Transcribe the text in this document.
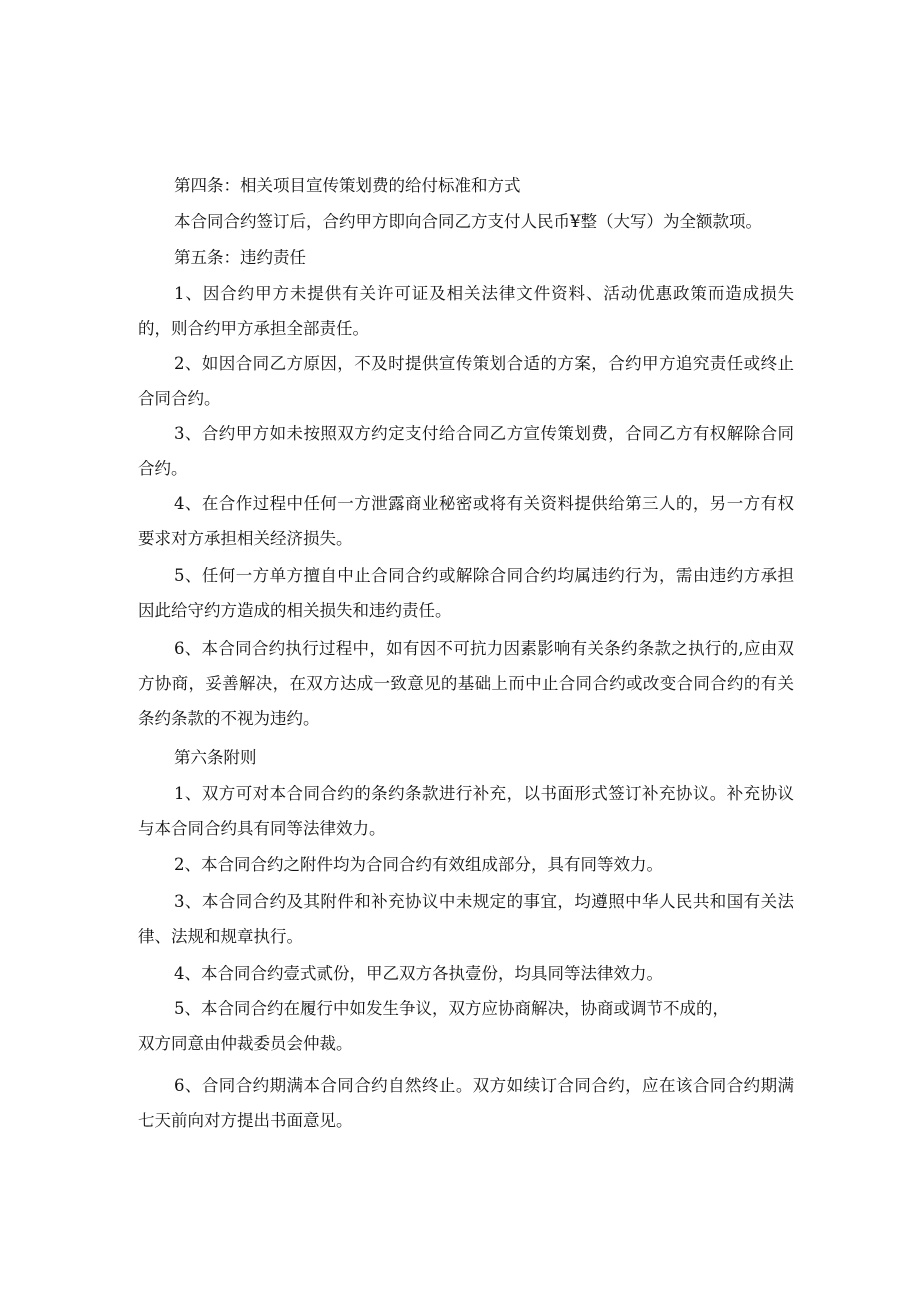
第四条：相关项目宣传策划费的给付标准和方式

本合同合约签订后，合约甲方即向合同乙方支付人民币¥整（大写）为全额款项。

第五条：违约责任

1、因合约甲方未提供有关许可证及相关法律文件资料、活动优惠政策而造成损失的，则合约甲方承担全部责任。

2、如因合同乙方原因，不及时提供宣传策划合适的方案，合约甲方追究责任或终止合同合约。

3、合约甲方如未按照双方约定支付给合同乙方宣传策划费，合同乙方有权解除合同合约。

4、在合作过程中任何一方泄露商业秘密或将有关资料提供给第三人的，另一方有权要求对方承担相关经济损失。

5、任何一方单方擅自中止合同合约或解除合同合约均属违约行为，需由违约方承担因此给守约方造成的相关损失和违约责任。

6、本合同合约执行过程中，如有因不可抗力因素影响有关条约条款之执行的,应由双方协商，妥善解决，在双方达成一致意见的基础上而中止合同合约或改变合同合约的有关条约条款的不视为违约。

第六条附则

1、双方可对本合同合约的条约条款进行补充，以书面形式签订补充协议。补充协议与本合同合约具有同等法律效力。

2、本合同合约之附件均为合同合约有效组成部分，具有同等效力。

3、本合同合约及其附件和补充协议中未规定的事宜，均遵照中华人民共和国有关法律、法规和规章执行。

4、本合同合约壹式贰份，甲乙双方各执壹份，均具同等法律效力。

5、本合同合约在履行中如发生争议，双方应协商解决，协商或调节不成的，

双方同意由仲裁委员会仲裁。

6、合同合约期满本合同合约自然终止。双方如续订合同合约，应在该合同合约期满七天前向对方提出书面意见。
